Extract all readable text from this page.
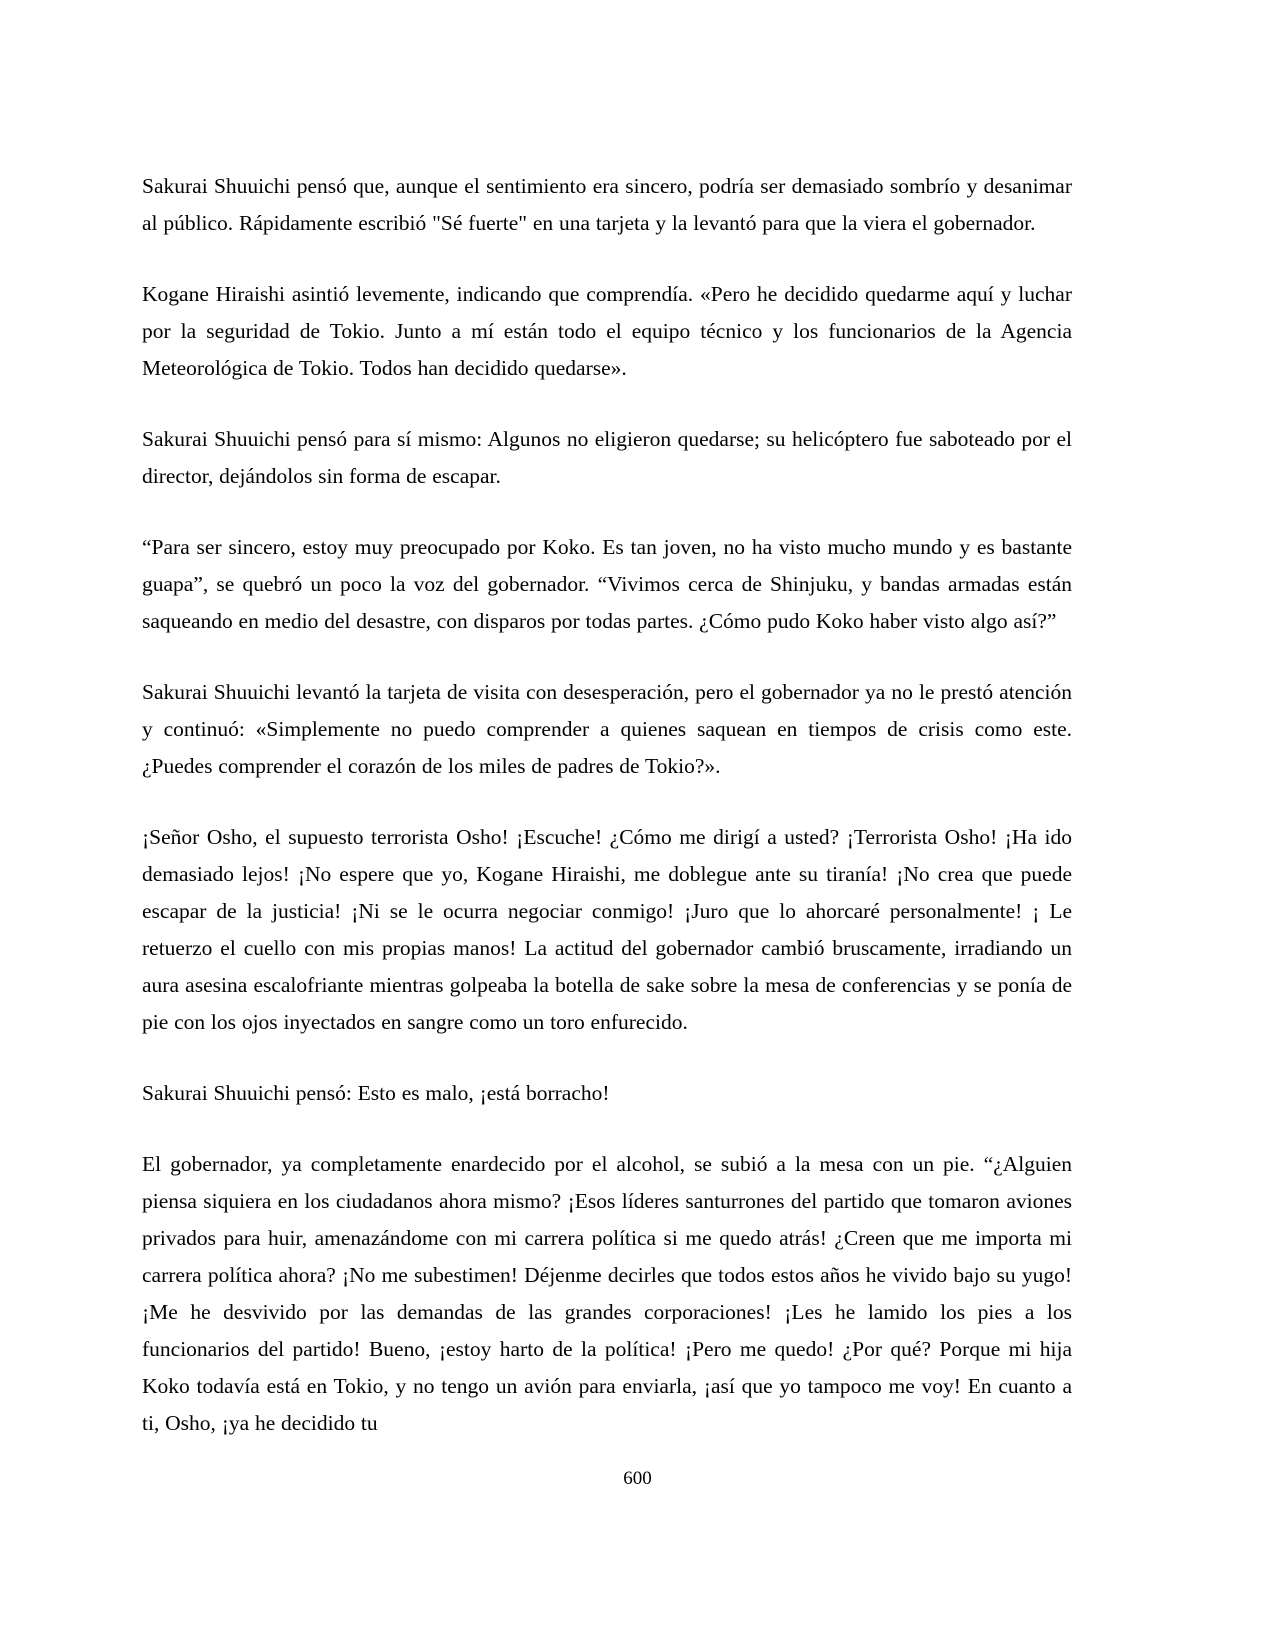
Sakurai Shuuichi pensó que, aunque el sentimiento era sincero, podría ser demasiado sombrío y desanimar al público. Rápidamente escribió "Sé fuerte" en una tarjeta y la levantó para que la viera el gobernador.

Kogane Hiraishi asintió levemente, indicando que comprendía. «Pero he decidido quedarme aquí y luchar por la seguridad de Tokio. Junto a mí están todo el equipo técnico y los funcionarios de la Agencia Meteorológica de Tokio. Todos han decidido quedarse».

Sakurai Shuuichi pensó para sí mismo: Algunos no eligieron quedarse; su helicóptero fue saboteado por el director, dejándolos sin forma de escapar.

“Para ser sincero, estoy muy preocupado por Koko. Es tan joven, no ha visto mucho mundo y es bastante guapa”, se quebró un poco la voz del gobernador. “Vivimos cerca de Shinjuku, y bandas armadas están saqueando en medio del desastre, con disparos por todas partes. ¿Cómo pudo Koko haber visto algo así?”

Sakurai Shuuichi levantó la tarjeta de visita con desesperación, pero el gobernador ya no le prestó atención y continuó: «Simplemente no puedo comprender a quienes saquean en tiempos de crisis como este. ¿Puedes comprender el corazón de los miles de padres de Tokio?».

¡Señor Osho, el supuesto terrorista Osho! ¡Escuche! ¿Cómo me dirigí a usted? ¡Terrorista Osho! ¡Ha ido demasiado lejos! ¡No espere que yo, Kogane Hiraishi, me doblegue ante su tiranía! ¡No crea que puede escapar de la justicia! ¡Ni se le ocurra negociar conmigo! ¡Juro que lo ahorcaré personalmente! ¡ Le retuerzo el cuello con mis propias manos! La actitud del gobernador cambió bruscamente, irradiando un aura asesina escalofriante mientras golpeaba la botella de sake sobre la mesa de conferencias y se ponía de pie con los ojos inyectados en sangre como un toro enfurecido.

Sakurai Shuuichi pensó: Esto es malo, ¡está borracho!

El gobernador, ya completamente enardecido por el alcohol, se subió a la mesa con un pie. “¿Alguien piensa siquiera en los ciudadanos ahora mismo? ¡Esos líderes santurrones del partido que tomaron aviones privados para huir, amenazándome con mi carrera política si me quedo atrás! ¿Creen que me importa mi carrera política ahora? ¡No me subestimen! Déjenme decirles que todos estos años he vivido bajo su yugo! ¡Me he desvivido por las demandas de las grandes corporaciones! ¡Les he lamido los pies a los funcionarios del partido! Bueno, ¡estoy harto de la política! ¡Pero me quedo! ¿Por qué? Porque mi hija Koko todavía está en Tokio, y no tengo un avión para enviarla, ¡así que yo tampoco me voy! En cuanto a ti, Osho, ¡ya he decidido tu

600
